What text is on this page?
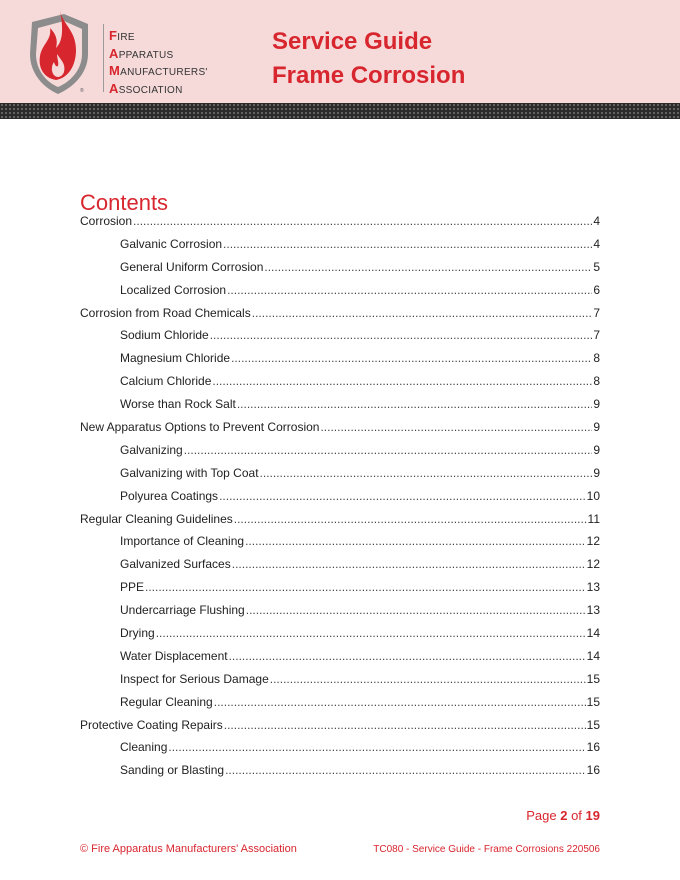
®
FIRE
APPARATUS
MANUFACTURERS'
ASSOCIATION
Service Guide
Frame Corrosion
Contents
Corrosion .....	4
Galvanic Corrosion .....	4
General Uniform Corrosion .....	5
Localized Corrosion .....	6
Corrosion from Road Chemicals .....	7
Sodium Chloride .....	7
Magnesium Chloride .....	8
Calcium Chloride .....	8
Worse than Rock Salt .....	9
New Apparatus Options to Prevent Corrosion .....	9
Galvanizing .....	9
Galvanizing with Top Coat .....	9
Polyurea Coatings .....	10
Regular Cleaning Guidelines .....	11
Importance of Cleaning .....	12
Galvanized Surfaces .....	12
PPE .....	13
Undercarriage Flushing .....	13
Drying .....	14
Water Displacement .....	14
Inspect for Serious Damage .....	15
Regular Cleaning .....	15
Protective Coating Repairs .....	15
Cleaning .....	16
Sanding or Blasting .....	16
Page 2 of 19
© Fire Apparatus Manufacturers' Association	TC080 - Service Guide - Frame Corrosions 220506
